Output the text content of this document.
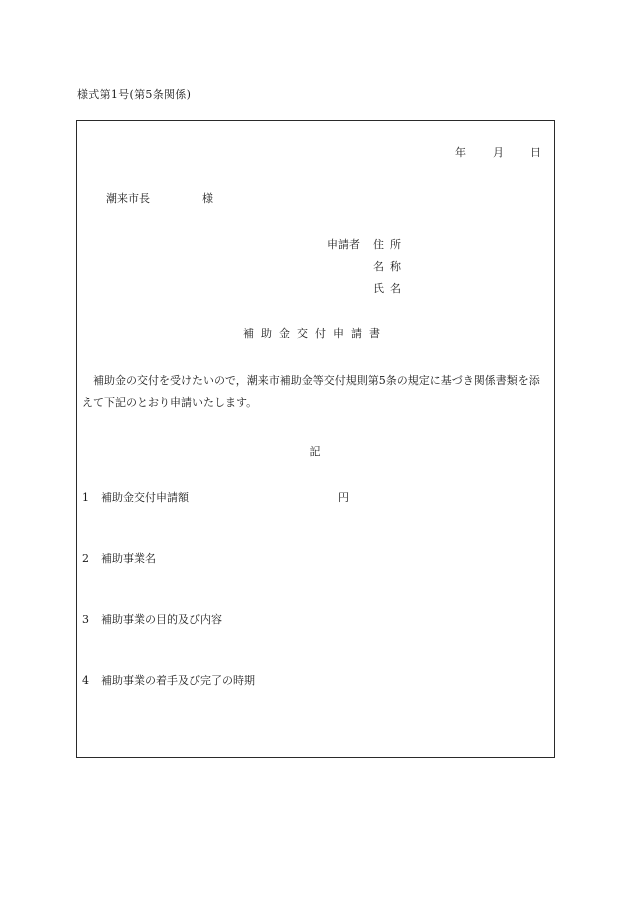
様式第1号(第5条関係)
年 月 日
潮来市長	様
申請者 住所
名称
氏名
補助金交付申請書
補助金の交付を受けたいので，潮来市補助金等交付規則第5条の規定に基づき関係書類を添えて下記のとおり申請いたします。
記
1 補助金交付申請額	円
2 補助事業名
3 補助事業の目的及び内容
4 補助事業の着手及び完了の時期
